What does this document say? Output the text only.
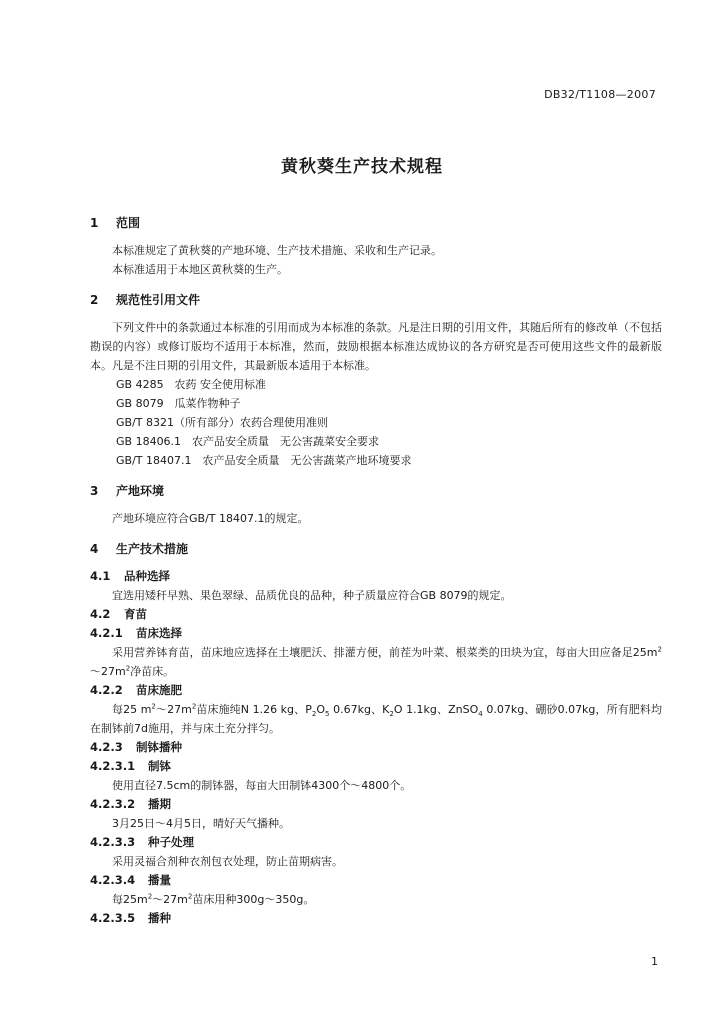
DB32/T1108—2007
黄秋葵生产技术规程
1 范围
本标准规定了黄秋葵的产地环境、生产技术措施、采收和生产记录。
本标准适用于本地区黄秋葵的生产。
2 规范性引用文件
下列文件中的条款通过本标准的引用而成为本标准的条款。凡是注日期的引用文件，其随后所有的修改单（不包括勘误的内容）或修订版均不适用于本标准，然而，鼓励根据本标准达成协议的各方研究是否可使用这些文件的最新版本。凡是不注日期的引用文件，其最新版本适用于本标准。
GB 4285　农药 安全使用标准
GB 8079　瓜菜作物种子
GB/T 8321（所有部分）农药合理使用准则
GB 18406.1　农产品安全质量　无公害蔬菜安全要求
GB/T 18407.1　农产品安全质量　无公害蔬菜产地环境要求
3 产地环境
产地环境应符合GB/T 18407.1的规定。
4 生产技术措施
4.1 品种选择
宜选用矮秆早熟、果色翠绿、品质优良的品种，种子质量应符合GB 8079的规定。
4.2 育苗
4.2.1 苗床选择
采用营养钵育苗，苗床地应选择在土壤肥沃、排灌方便，前茬为叶菜、根菜类的田块为宜，每亩大田应备足$25m^2\sim 27m^2$净苗床。
4.2.2 苗床施肥
每25 $m^2\sim 27m^2$苗床施纯N 1.26 kg、$P_2O_5$ 0.67kg、$K_2O$ 1.1kg、ZnSO$_4$ 0.07kg、硼砂0.07kg，所有肥料均在制钵前7d施用，并与床土充分拌匀。
4.2.3 制钵播种
4.2.3.1 制钵
使用直径7.5cm的制钵器，每亩大田制钵4300个～4800个。
4.2.3.2 播期
3月25日～4月5日，晴好天气播种。
4.2.3.3 种子处理
采用灵福合剂种衣剂包衣处理，防止苗期病害。
4.2.3.4 播量
每$25m^2\sim 27m^2$苗床用种300g～350g。
4.2.3.5 播种
1
